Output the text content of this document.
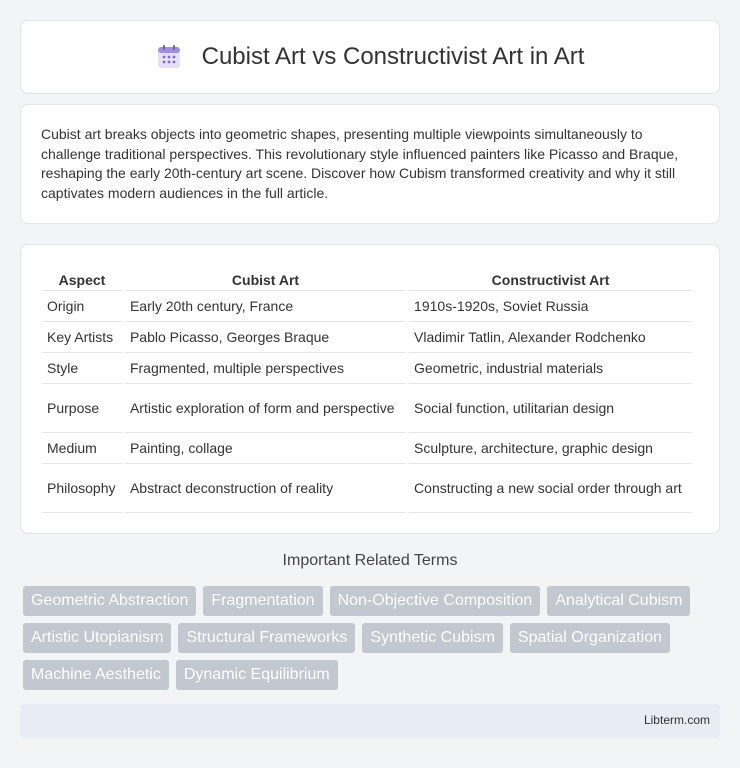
Cubist Art vs Constructivist Art in Art

Cubist art breaks objects into geometric shapes, presenting multiple viewpoints simultaneously to challenge traditional perspectives. This revolutionary style influenced painters like Picasso and Braque, reshaping the early 20th-century art scene. Discover how Cubism transformed creativity and why it still captivates modern audiences in the full article.

Aspect	Cubist Art	Constructivist Art
Origin	Early 20th century, France	1910s-1920s, Soviet Russia
Key Artists	Pablo Picasso, Georges Braque	Vladimir Tatlin, Alexander Rodchenko
Style	Fragmented, multiple perspectives	Geometric, industrial materials
Purpose	Artistic exploration of form and perspective	Social function, utilitarian design
Medium	Painting, collage	Sculpture, architecture, graphic design
Philosophy	Abstract deconstruction of reality	Constructing a new social order through art
Important Related Terms
Geometric Abstraction	Fragmentation	Non-Objective Composition	Analytical Cubism
Artistic Utopianism	Structural Frameworks	Synthetic Cubism	Spatial Organization
Machine Aesthetic	Dynamic Equilibrium
Libterm.com
